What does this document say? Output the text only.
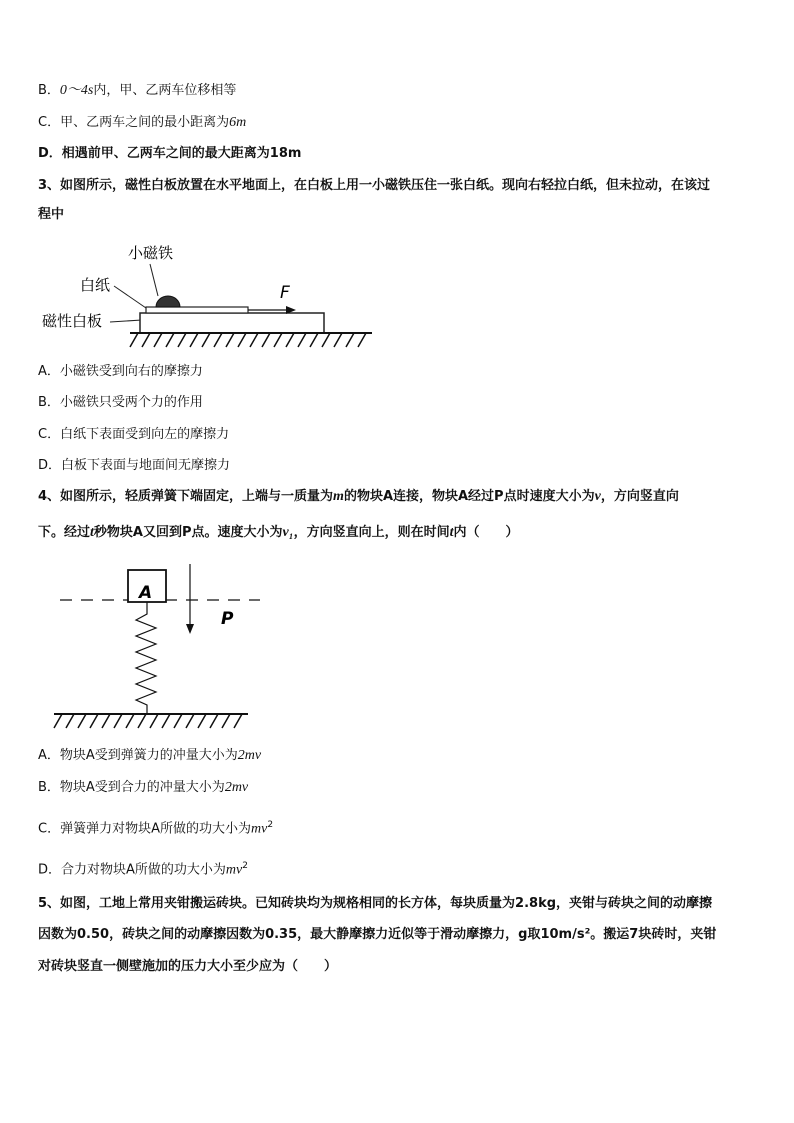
B．0～4s内，甲、乙两车位移相等
C．甲、乙两车之间的最小距离为6m
D．相遇前甲、乙两车之间的最大距离为18m
3、如图所示，磁性白板放置在水平地面上，在白板上用一小磁铁压住一张白纸。现向右轻拉白纸，但未拉动，在该过
程中
小磁铁
白纸
磁性白板
F
A．小磁铁受到向右的摩擦力
B．小磁铁只受两个力的作用
C．白纸下表面受到向左的摩擦力
D．白板下表面与地面间无摩擦力
4、如图所示，轻质弹簧下端固定，上端与一质量为m的物块A连接，物块A经过P点时速度大小为v，方向竖直向
下。经过t秒物块A又回到P点。速度大小为v₁，方向竖直向上，则在时间t内（　　）
A
P
A．物块A受到弹簧力的冲量大小为2mv
B．物块A受到合力的冲量大小为2mv
C．弹簧弹力对物块A所做的功大小为$mv^2$
D．合力对物块A所做的功大小为$mv^2$
5、如图，工地上常用夹钳搬运砖块。已知砖块均为规格相同的长方体，每块质量为2.8kg，夹钳与砖块之间的动摩擦
因数为0.50，砖块之间的动摩擦因数为0.35，最大静摩擦力近似等于滑动摩擦力，g取10m/s²。搬运7块砖时，夹钳
对砖块竖直一侧壁施加的压力大小至少应为（　　）
